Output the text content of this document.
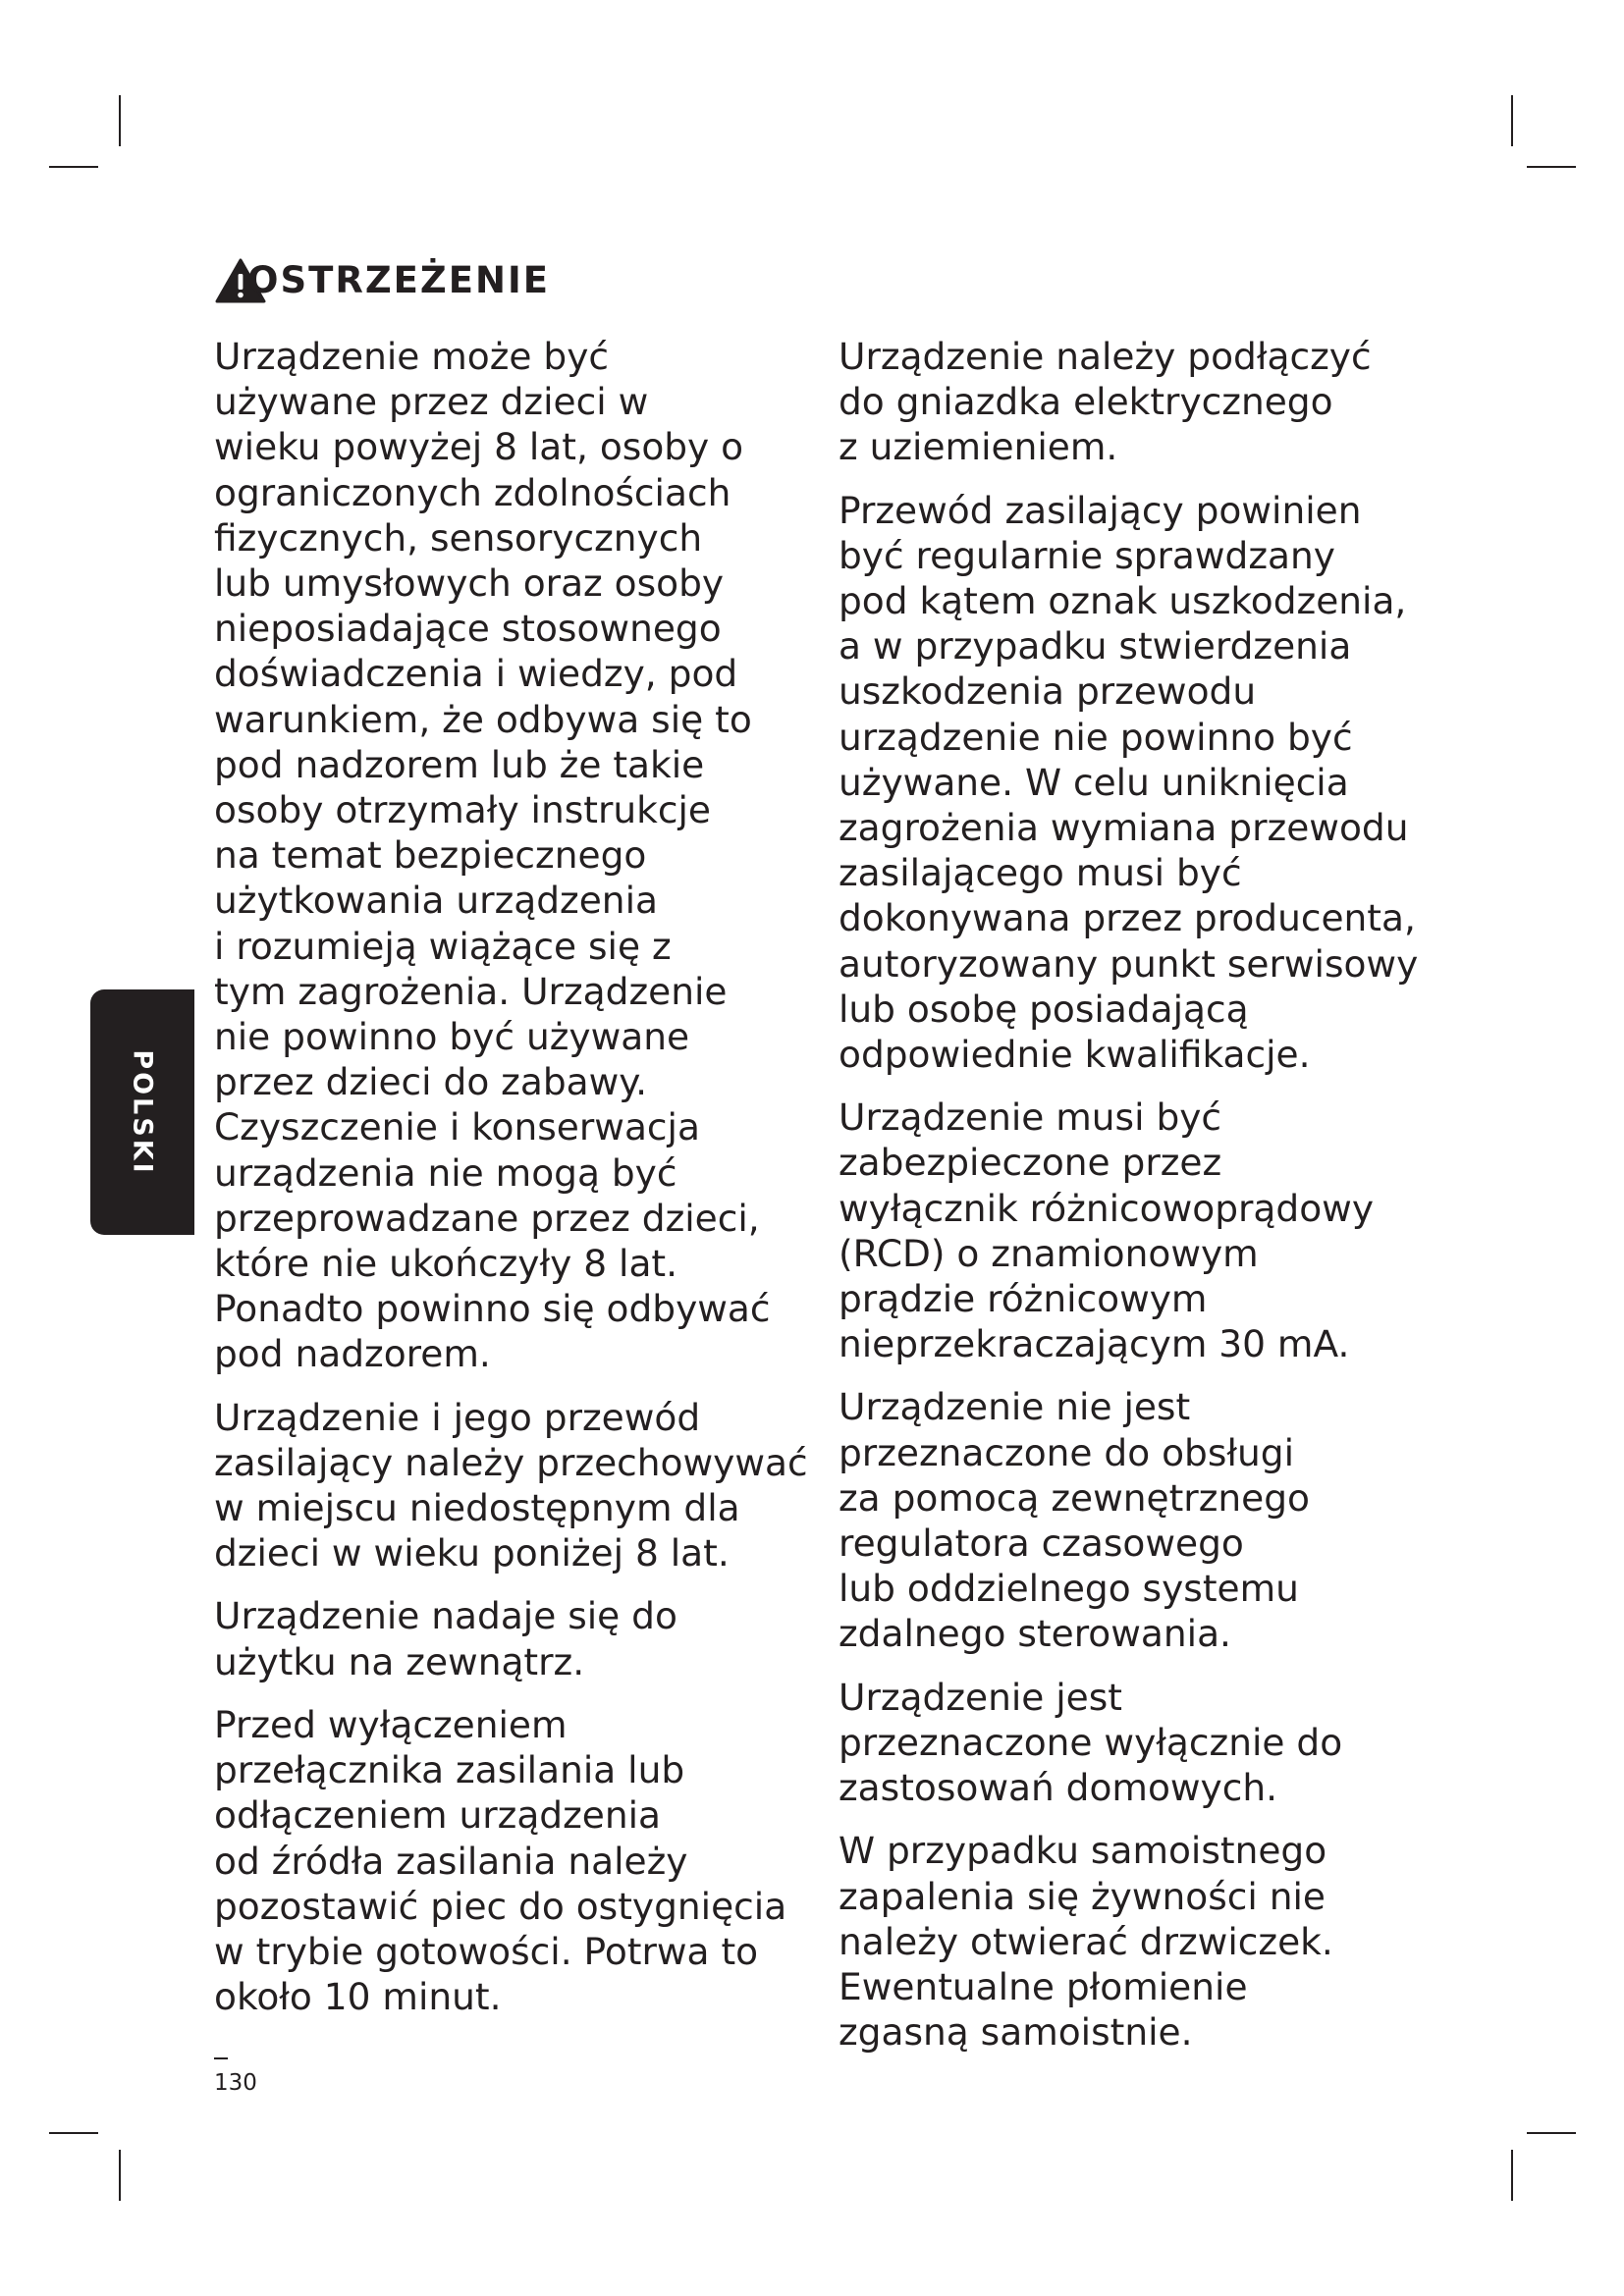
OSTRZEŻENIE

Urządzenie może być
używane przez dzieci w
wieku powyżej 8 lat, osoby o
ograniczonych zdolnościach
fizycznych, sensorycznych
lub umysłowych oraz osoby
nieposiadające stosownego
doświadczenia i wiedzy, pod
warunkiem, że odbywa się to
pod nadzorem lub że takie
osoby otrzymały instrukcje
na temat bezpiecznego
użytkowania urządzenia
i rozumieją wiążące się z
tym zagrożenia. Urządzenie
nie powinno być używane
przez dzieci do zabawy.
Czyszczenie i konserwacja
urządzenia nie mogą być
przeprowadzane przez dzieci,
które nie ukończyły 8 lat.
Ponadto powinno się odbywać
pod nadzorem.

Urządzenie i jego przewód
zasilający należy przechowywać
w miejscu niedostępnym dla
dzieci w wieku poniżej 8 lat.

Urządzenie nadaje się do
użytku na zewnątrz.

Przed wyłączeniem
przełącznika zasilania lub
odłączeniem urządzenia
od źródła zasilania należy
pozostawić piec do ostygnięcia
w trybie gotowości. Potrwa to
około 10 minut.

Urządzenie należy podłączyć
do gniazdka elektrycznego
z uziemieniem.

Przewód zasilający powinien
być regularnie sprawdzany
pod kątem oznak uszkodzenia,
a w przypadku stwierdzenia
uszkodzenia przewodu
urządzenie nie powinno być
używane. W celu uniknięcia
zagrożenia wymiana przewodu
zasilającego musi być
dokonywana przez producenta,
autoryzowany punkt serwisowy
lub osobę posiadającą
odpowiednie kwalifikacje.

Urządzenie musi być
zabezpieczone przez
wyłącznik różnicowoprądowy
(RCD) o znamionowym
prądzie różnicowym
nieprzekraczającym 30 mA.

Urządzenie nie jest
przeznaczone do obsługi
za pomocą zewnętrznego
regulatora czasowego
lub oddzielnego systemu
zdalnego sterowania.

Urządzenie jest
przeznaczone wyłącznie do
zastosowań domowych.

W przypadku samoistnego
zapalenia się żywności nie
należy otwierać drzwiczek.
Ewentualne płomienie
zgasną samoistnie.

POLSKI
130
